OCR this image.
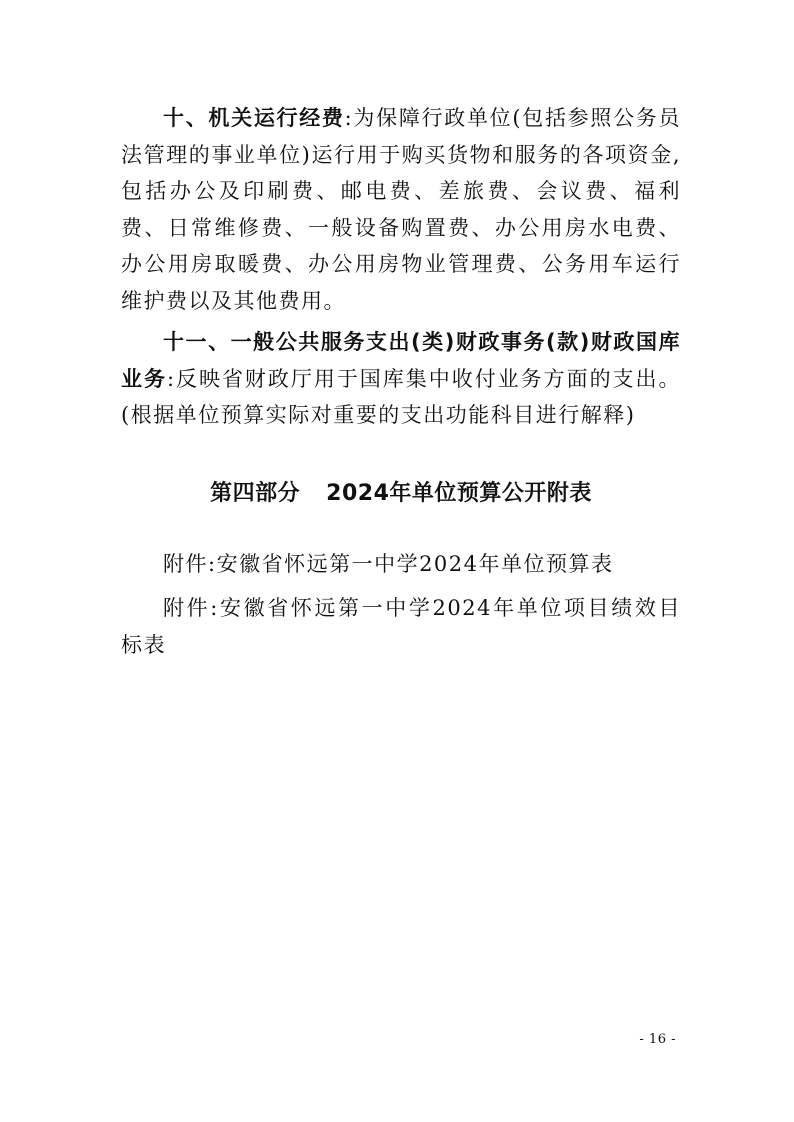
十、机关运行经费:为保障行政单位(包括参照公务员法管理的事业单位)运行用于购买货物和服务的各项资金,包括办公及印刷费、邮电费、差旅费、会议费、福利费、日常维修费、一般设备购置费、办公用房水电费、办公用房取暖费、办公用房物业管理费、公务用车运行维护费以及其他费用。
十一、一般公共服务支出(类)财政事务(款)财政国库业务:反映省财政厅用于国库集中收付业务方面的支出。(根据单位预算实际对重要的支出功能科目进行解释)
第四部分 2024年单位预算公开附表
附件:安徽省怀远第一中学2024年单位预算表
附件:安徽省怀远第一中学2024年单位项目绩效目标表
- 16 -
